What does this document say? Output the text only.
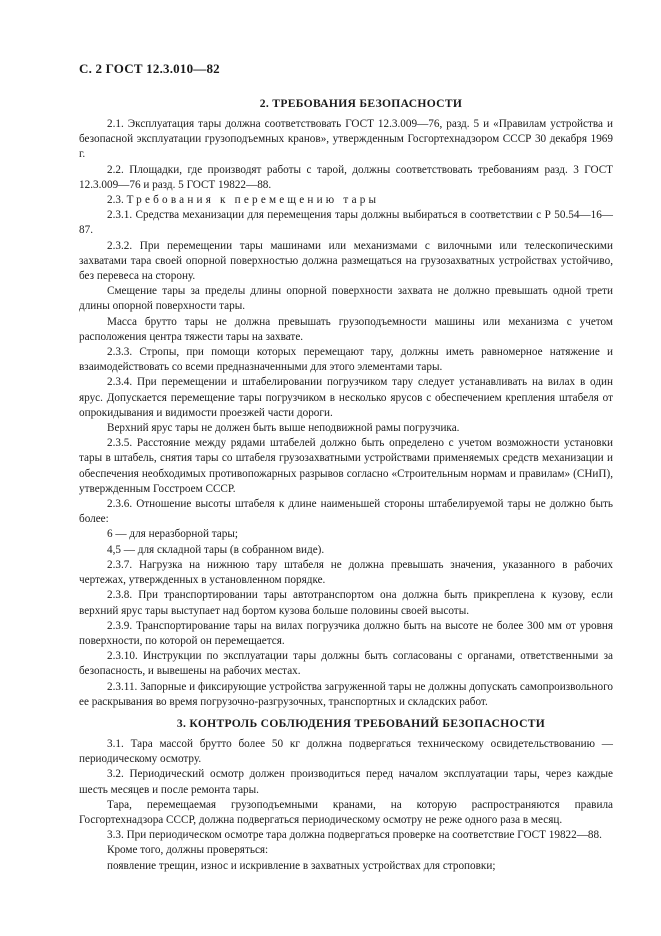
С. 2 ГОСТ 12.3.010—82
2. ТРЕБОВАНИЯ БЕЗОПАСНОСТИ

2.1. Эксплуатация тары должна соответствовать ГОСТ 12.3.009—76, разд. 5 и «Правилам устройства и безопасной эксплуатации грузоподъемных кранов», утвержденным Госгортехнадзором СССР 30 декабря 1969 г.

2.2. Площадки, где производят работы с тарой, должны соответствовать требованиям разд. 3 ГОСТ 12.3.009—76 и разд. 5 ГОСТ 19822—88.

2.3. Требования к перемещению тары

2.3.1. Средства механизации для перемещения тары должны выбираться в соответствии с Р 50.54—16—87.

2.3.2. При перемещении тары машинами или механизмами с вилочными или телескопическими захватами тара своей опорной поверхностью должна размещаться на грузозахватных устройствах устойчиво, без перевеса на сторону.

Смещение тары за пределы длины опорной поверхности захвата не должно превышать одной трети длины опорной поверхности тары.

Масса брутто тары не должна превышать грузоподъемности машины или механизма с учетом расположения центра тяжести тары на захвате.

2.3.3. Стропы, при помощи которых перемещают тару, должны иметь равномерное натяжение и взаимодействовать со всеми предназначенными для этого элементами тары.

2.3.4. При перемещении и штабелировании погрузчиком тару следует устанавливать на вилах в один ярус. Допускается перемещение тары погрузчиком в несколько ярусов с обеспечением крепления штабеля от опрокидывания и видимости проезжей части дороги.

Верхний ярус тары не должен быть выше неподвижной рамы погрузчика.

2.3.5. Расстояние между рядами штабелей должно быть определено с учетом возможности установки тары в штабель, снятия тары со штабеля грузозахватными устройствами применяемых средств механизации и обеспечения необходимых противопожарных разрывов согласно «Строительным нормам и правилам» (СНиП), утвержденным Госстроем СССР.

2.3.6. Отношение высоты штабеля к длине наименьшей стороны штабелируемой тары не должно быть более:

6 — для неразборной тары;

4,5 — для складной тары (в собранном виде).

2.3.7. Нагрузка на нижнюю тару штабеля не должна превышать значения, указанного в рабочих чертежах, утвержденных в установленном порядке.

2.3.8. При транспортировании тары автотранспортом она должна быть прикреплена к кузову, если верхний ярус тары выступает над бортом кузова больше половины своей высоты.

2.3.9. Транспортирование тары на вилах погрузчика должно быть на высоте не более 300 мм от уровня поверхности, по которой он перемещается.

2.3.10. Инструкции по эксплуатации тары должны быть согласованы с органами, ответственными за безопасность, и вывешены на рабочих местах.

2.3.11. Запорные и фиксирующие устройства загруженной тары не должны допускать самопроизвольного ее раскрывания во время погрузочно-разгрузочных, транспортных и складских работ.

3. КОНТРОЛЬ СОБЛЮДЕНИЯ ТРЕБОВАНИЙ БЕЗОПАСНОСТИ

3.1. Тара массой брутто более 50 кг должна подвергаться техническому освидетельствованию — периодическому осмотру.

3.2. Периодический осмотр должен производиться перед началом эксплуатации тары, через каждые шесть месяцев и после ремонта тары.

Тара, перемещаемая грузоподъемными кранами, на которую распространяются правила Госгортехнадзора СССР, должна подвергаться периодическому осмотру не реже одного раза в месяц.

3.3. При периодическом осмотре тара должна подвергаться проверке на соответствие ГОСТ 19822—88.

Кроме того, должны проверяться:

появление трещин, износ и искривление в захватных устройствах для строповки;
